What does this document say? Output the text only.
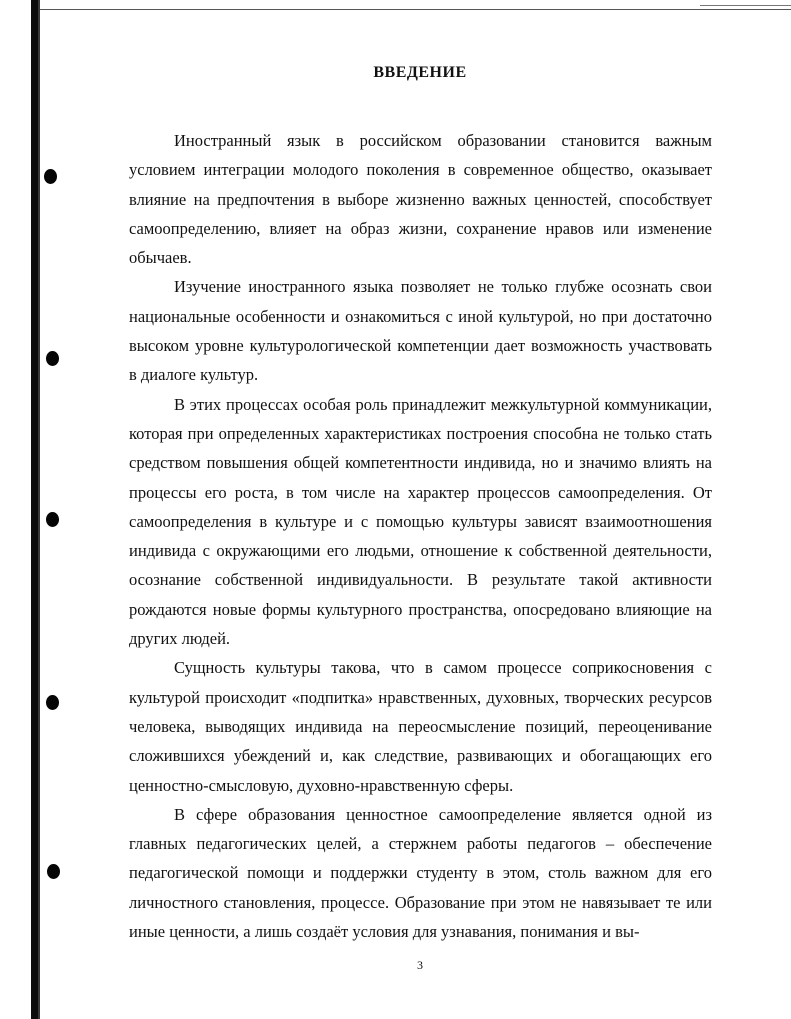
ВВЕДЕНИЕ

Иностранный язык в российском образовании становится важным условием интеграции молодого поколения в современное общество, оказывает влияние на предпочтения в выборе жизненно важных ценностей, способствует самоопределению, влияет на образ жизни, сохранение нравов или изменение обычаев.

Изучение иностранного языка позволяет не только глубже осознать свои национальные особенности и ознакомиться с иной культурой, но при достаточно высоком уровне культурологической компетенции дает возможность участвовать в диалоге культур.

В этих процессах особая роль принадлежит межкультурной коммуникации, которая при определенных характеристиках построения способна не только стать средством повышения общей компетентности индивида, но и значимо влиять на процессы его роста, в том числе на характер процессов самоопределения. От самоопределения в культуре и с помощью культуры зависят взаимоотношения индивида с окружающими его людьми, отношение к собственной деятельности, осознание собственной индивидуальности. В результате такой активности рождаются новые формы культурного пространства, опосредовано влияющие на других людей.

Сущность культуры такова, что в самом процессе соприкосновения с культурой происходит «подпитка» нравственных, духовных, творческих ресурсов человека, выводящих индивида на переосмысление позиций, переоценивание сложившихся убеждений и, как следствие, развивающих и обогащающих его ценностно-смысловую, духовно-нравственную сферы.

В сфере образования ценностное самоопределение является одной из главных педагогических целей, а стержнем работы педагогов – обеспечение педагогической помощи и поддержки студенту в этом, столь важном для его личностного становления, процессе. Образование при этом не навязывает те или иные ценности, а лишь создаёт условия для узнавания, понимания и вы-

3
